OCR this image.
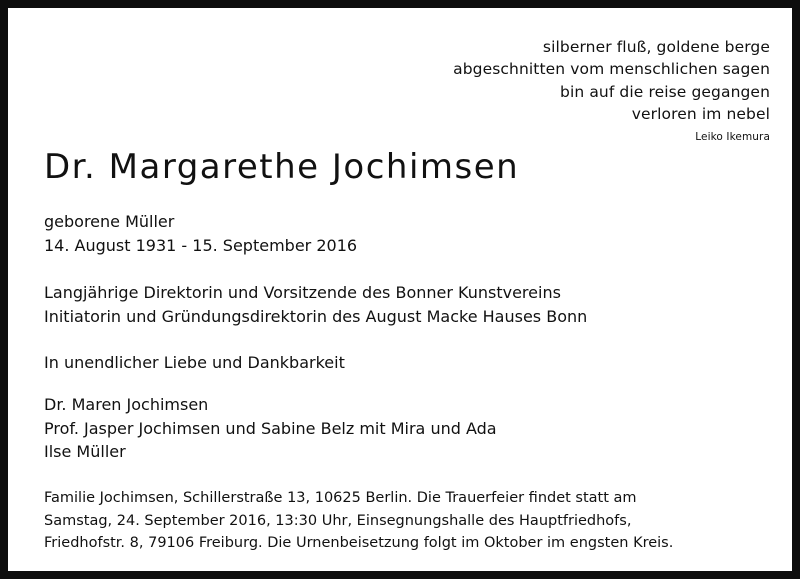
silberner fluß, goldene berge
abgeschnitten vom menschlichen sagen
bin auf die reise gegangen
verloren im nebel
Leiko Ikemura
Dr. Margarethe Jochimsen
geborene Müller
14. August 1931 - 15. September 2016
Langjährige Direktorin und Vorsitzende des Bonner Kunstvereins
Initiatorin und Gründungsdirektorin des August Macke Hauses Bonn
In unendlicher Liebe und Dankbarkeit
Dr. Maren Jochimsen
Prof. Jasper Jochimsen und Sabine Belz mit Mira und Ada
Ilse Müller
Familie Jochimsen, Schillerstraße 13, 10625 Berlin. Die Trauerfeier findet statt am
Samstag, 24. September 2016, 13:30 Uhr, Einsegnungshalle des Hauptfriedhofs,
Friedhofstr. 8, 79106 Freiburg. Die Urnenbeisetzung folgt im Oktober im engsten Kreis.
